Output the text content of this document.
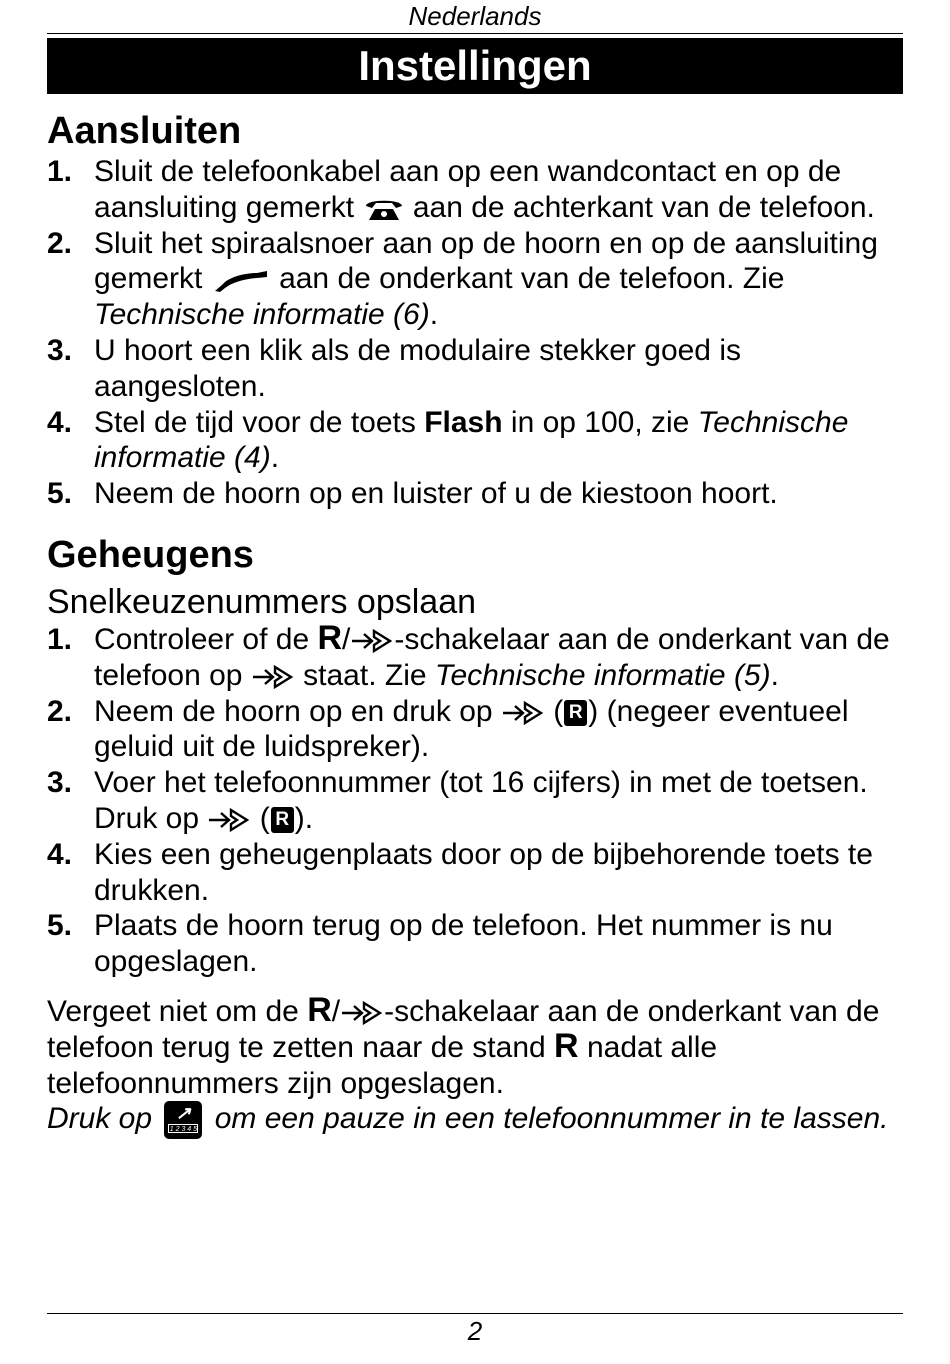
Nederlands
Instellingen
Aansluiten
1. Sluit de telefoonkabel aan op een wandcontact en op de aansluiting gemerkt aan de achterkant van de telefoon.
2. Sluit het spiraalsnoer aan op de hoorn en op de aansluiting gemerkt	aan de onderkant van de telefoon. Zie Technische informatie (6).
3. U hoort een klik als de modulaire stekker goed is aangesloten.
4. Stel de tijd voor de toets Flash in op 100, zie Technische informatie (4).
5. Neem de hoorn op en luister of u de kiestoon hoort.
Geheugens
Snelkeuzenummers opslaan
1. Controleer of de R/ -schakelaar aan de onderkant van de telefoon op staat. Zie Technische informatie (5).
2. Neem de hoorn op en druk op ( R ) (negeer eventueel geluid uit de luidspreker).
3. Voer het telefoonnummer (tot 16 cijfers) in met de toetsen. Druk op ( R ).
4. Kies een geheugenplaats door op de bijbehorende toets te drukken.
5. Plaats de hoorn terug op de telefoon. Het nummer is nu opgeslagen.

Vergeet niet om de R/ -schakelaar aan de onderkant van de telefoon terug te zetten naar de stand R nadat alle telefoonnummers zijn opgeslagen.

Druk op	↗
1 2 3 4 5 om een pauze in een telefoonnummer in te lassen.

2
